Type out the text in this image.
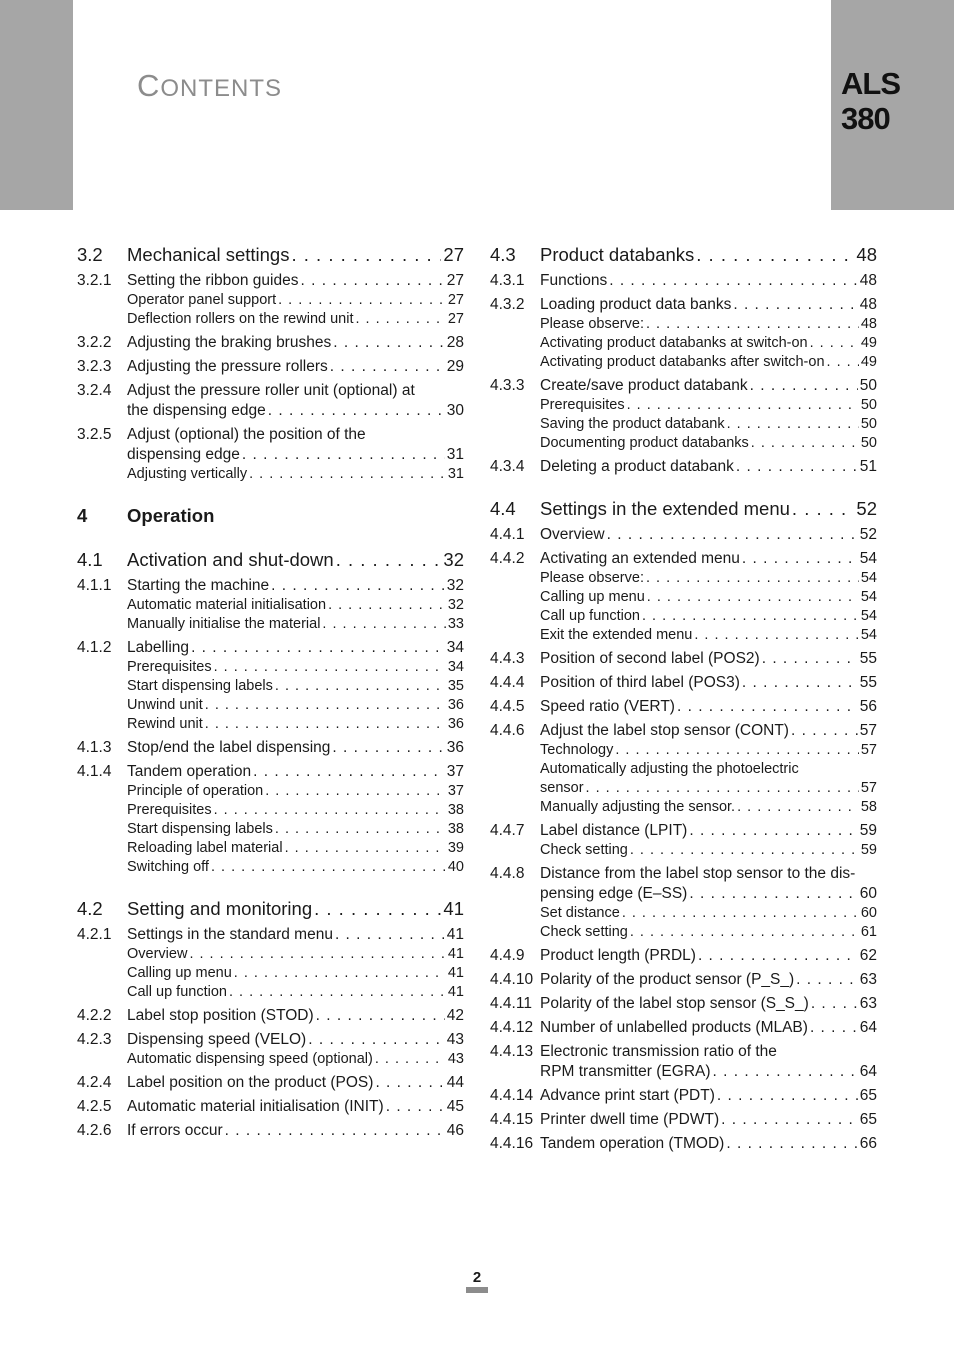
CONTENTS	ALS
380
3.2 Mechanical settings . . .	27
3.2.1 Setting the ribbon guides . . .	27
Operator panel support . . .	27
Deflection rollers on the rewind unit . . .	27
3.2.2 Adjusting the braking brushes . . .	28
3.2.3 Adjusting the pressure rollers . . .	29
3.2.4 Adjust the pressure roller unit (optional) at
the dispensing edge . . .	30
3.2.5 Adjust (optional) the position of the
dispensing edge . . .	31
Adjusting vertically . . .	31
4 Operation
4.1 Activation and shut-down . . .	32
4.1.1 Starting the machine . . .	32
Automatic material initialisation . . .	32
Manually initialise the material . . .	33
4.1.2 Labelling . . .	34
Prerequisites . . .	34
Start dispensing labels . . .	35
Unwind unit . . .	36
Rewind unit . . .	36
4.1.3 Stop/end the label dispensing . . .	36
4.1.4 Tandem operation . . .	37
Principle of operation . . .	37
Prerequisites . . .	38
Start dispensing labels . . .	38
Reloading label material . . .	39
Switching off . . .	40
4.2 Setting and monitoring . . .	41
4.2.1 Settings in the standard menu . . .	41
Overview . . .	41
Calling up menu . . .	41
Call up function . . .	41
4.2.2 Label stop position (STOD) . . .	42
4.2.3 Dispensing speed (VELO) . . .	43
Automatic dispensing speed (optional) . . .	43
4.2.4 Label position on the product (POS) . . .	44
4.2.5 Automatic material initialisation (INIT) . . .	45
4.2.6 If errors occur . . .	46
4.3 Product databanks . . .	48
4.3.1 Functions . . .	48
4.3.2 Loading product data banks . . .	48
Please observe: . . .	48
Activating product databanks at switch-on . . .	49
Activating product databanks after switch-on . . .	49
4.3.3 Create/save product databank . . .	50
Prerequisites . . .	50
Saving the product databank . . .	50
Documenting product databanks . . .	50
4.3.4 Deleting a product databank . . .	51
4.4 Settings in the extended menu . . .	52
4.4.1 Overview . . .	52
4.4.2 Activating an extended menu . . .	54
Please observe: . . .	54
Calling up menu . . .	54
Call up function . . .	54
Exit the extended menu . . .	54
4.4.3 Position of second label (POS2) . . .	55
4.4.4 Position of third label (POS3) . . .	55
4.4.5 Speed ratio (VERT) . . .	56
4.4.6 Adjust the label stop sensor (CONT) . . .	57
Technology . . .	57
Automatically adjusting the photoelectric
sensor . . .	57
Manually adjusting the sensor. . . .	58
4.4.7 Label distance (LPIT) . . .	59
Check setting . . .	59
4.4.8 Distance from the label stop sensor to the dis-
pensing edge (E–SS) . . .	60
Set distance . . .	60
Check setting . . .	61
4.4.9 Product length (PRDL) . . .	62
4.4.10 Polarity of the product sensor (P_S_) . . .	63
4.4.11 Polarity of the label stop sensor (S_S_) . . .	63
4.4.12 Number of unlabelled products (MLAB) . . .	64
4.4.13 Electronic transmission ratio of the
RPM transmitter (EGRA) . . .	64
4.4.14 Advance print start (PDT) . . .	65
4.4.15 Printer dwell time (PDWT) . . .	65
4.4.16 Tandem operation (TMOD) . . .	66
2
